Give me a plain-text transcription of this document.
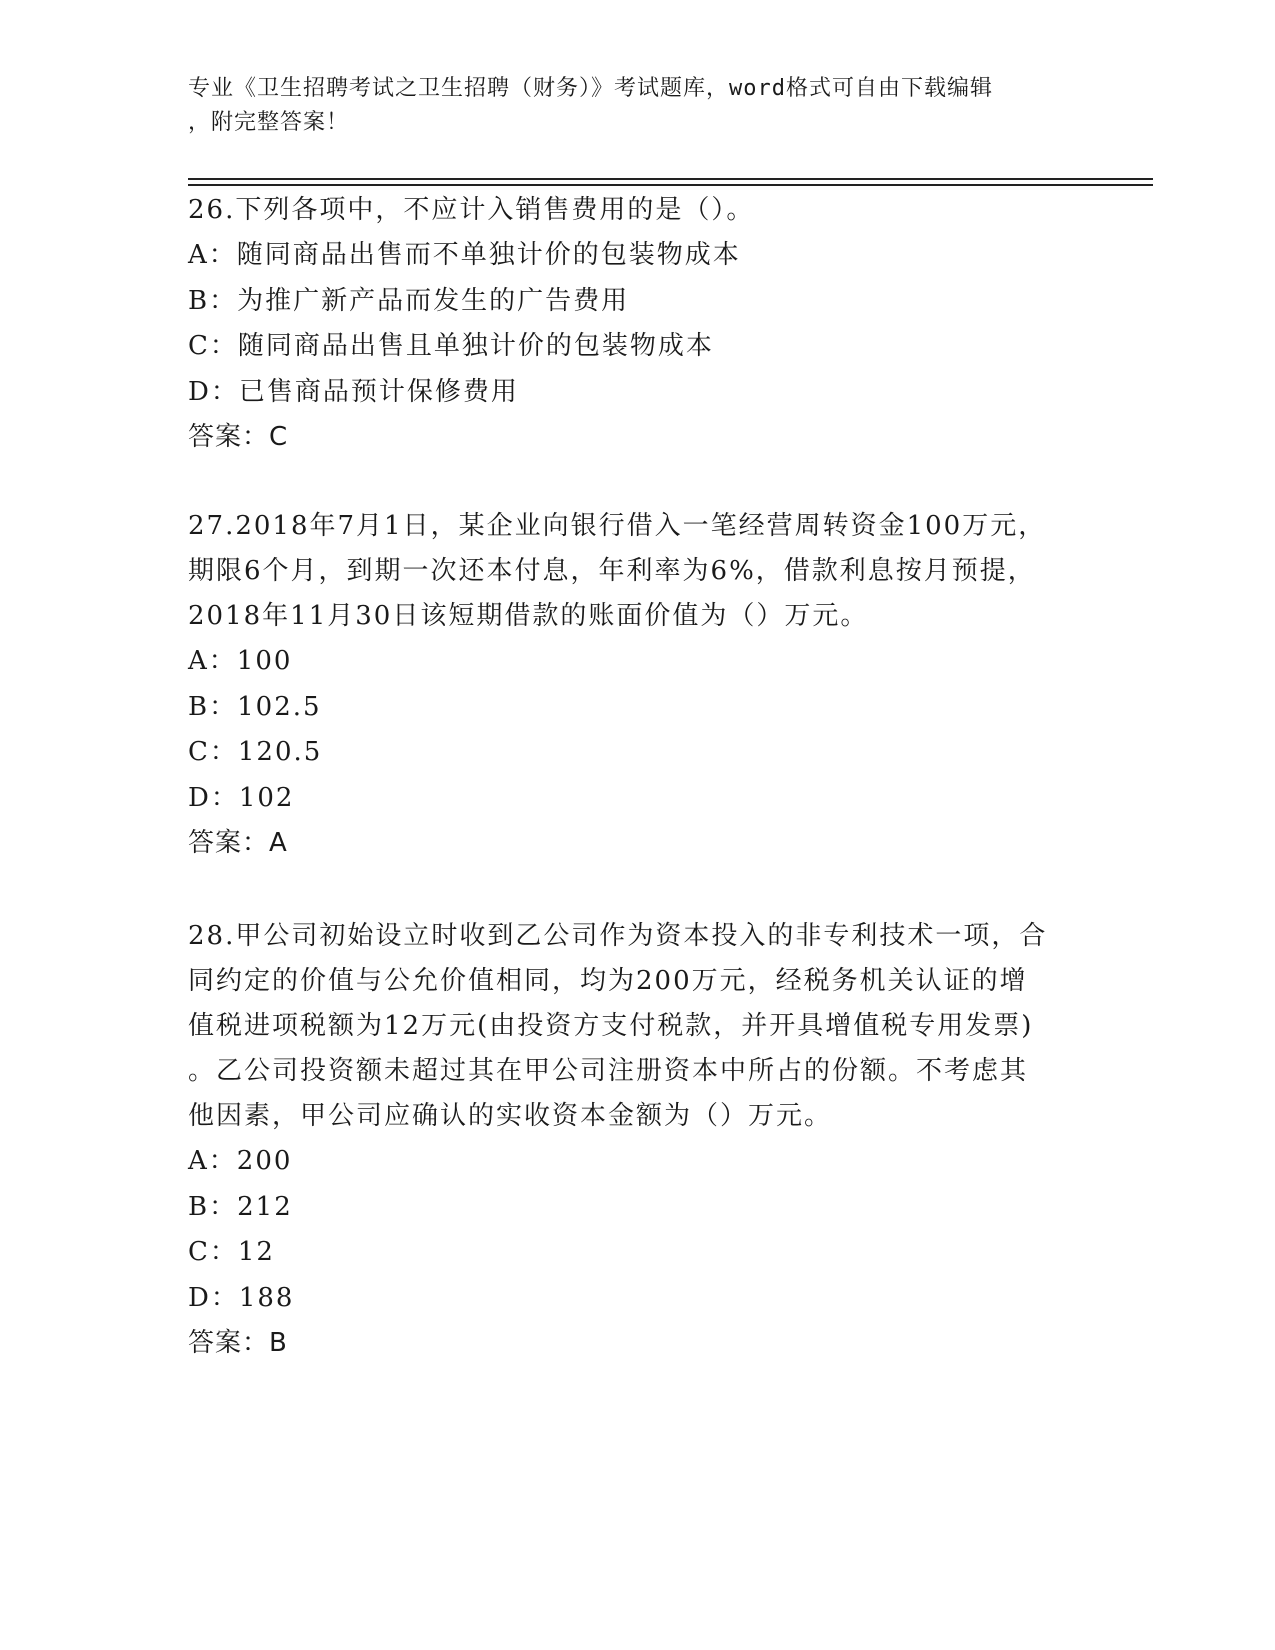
专业《卫生招聘考试之卫生招聘（财务）》考试题库，word格式可自由下载编辑
，附完整答案！
26.下列各项中，不应计入销售费用的是（）。
A：随同商品出售而不单独计价的包装物成本
B：为推广新产品而发生的广告费用
C：随同商品出售且单独计价的包装物成本
D：已售商品预计保修费用
答案：C
27.2018年7月1日，某企业向银行借入一笔经营周转资金100万元，
期限6个月，到期一次还本付息，年利率为6%，借款利息按月预提，
2018年11月30日该短期借款的账面价值为（）万元。
A：100
B：102.5
C：120.5
D：102
答案：A
28.甲公司初始设立时收到乙公司作为资本投入的非专利技术一项，合
同约定的价值与公允价值相同，均为200万元，经税务机关认证的增
值税进项税额为12万元(由投资方支付税款，并开具增值税专用发票)
。乙公司投资额未超过其在甲公司注册资本中所占的份额。不考虑其
他因素，甲公司应确认的实收资本金额为（）万元。
A：200
B：212
C：12
D：188
答案：B
